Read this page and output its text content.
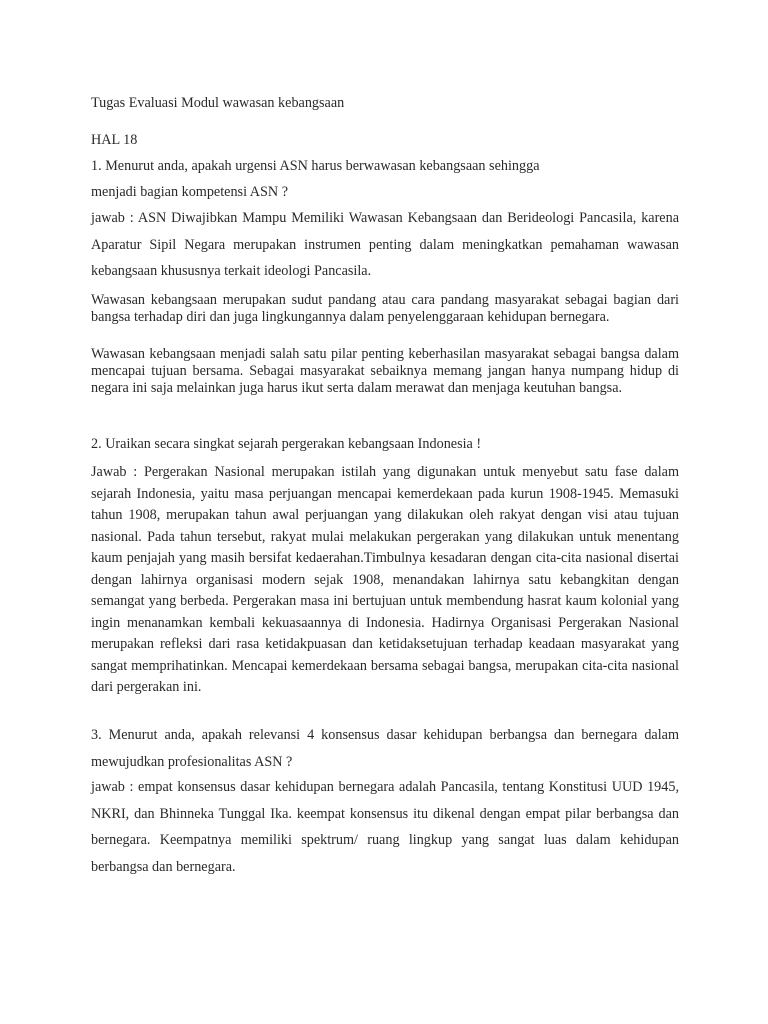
Tugas Evaluasi Modul wawasan kebangsaan

HAL 18

1. Menurut anda, apakah urgensi ASN harus berwawasan kebangsaan sehingga

menjadi bagian kompetensi ASN ?

jawab : ASN Diwajibkan Mampu Memiliki Wawasan Kebangsaan dan Berideologi Pancasila, karena Aparatur Sipil Negara merupakan instrumen penting dalam meningkatkan pemahaman wawasan kebangsaan khususnya terkait ideologi Pancasila.

Wawasan kebangsaan merupakan sudut pandang atau cara pandang masyarakat sebagai bagian dari bangsa terhadap diri dan juga lingkungannya dalam penyelenggaraan kehidupan bernegara.

Wawasan kebangsaan menjadi salah satu pilar penting keberhasilan masyarakat sebagai bangsa dalam mencapai tujuan bersama. Sebagai masyarakat sebaiknya memang jangan hanya numpang hidup di negara ini saja melainkan juga harus ikut serta dalam merawat dan menjaga keutuhan bangsa.

2. Uraikan secara singkat sejarah pergerakan kebangsaan Indonesia !

Jawab : Pergerakan Nasional merupakan istilah yang digunakan untuk menyebut satu fase dalam sejarah Indonesia, yaitu masa perjuangan mencapai kemerdekaan pada kurun 1908-1945. Memasuki tahun 1908, merupakan tahun awal perjuangan yang dilakukan oleh rakyat dengan visi atau tujuan nasional. Pada tahun tersebut, rakyat mulai melakukan pergerakan yang dilakukan untuk menentang kaum penjajah yang masih bersifat kedaerahan.Timbulnya kesadaran dengan cita-cita nasional disertai dengan lahirnya organisasi modern sejak 1908, menandakan lahirnya satu kebangkitan dengan semangat yang berbeda. Pergerakan masa ini bertujuan untuk membendung hasrat kaum kolonial yang ingin menanamkan kembali kekuasaannya di Indonesia. Hadirnya Organisasi Pergerakan Nasional merupakan refleksi dari rasa ketidakpuasan dan ketidaksetujuan terhadap keadaan masyarakat yang sangat memprihatinkan. Mencapai kemerdekaan bersama sebagai bangsa, merupakan cita-cita nasional dari pergerakan ini.

3. Menurut anda, apakah relevansi 4 konsensus dasar kehidupan berbangsa dan bernegara dalam mewujudkan profesionalitas ASN ?

jawab : empat konsensus dasar kehidupan bernegara adalah Pancasila, tentang Konstitusi UUD 1945, NKRI, dan Bhinneka Tunggal Ika. keempat konsensus itu dikenal dengan empat pilar berbangsa dan bernegara. Keempatnya memiliki spektrum/ ruang lingkup yang sangat luas dalam kehidupan berbangsa dan bernegara.
